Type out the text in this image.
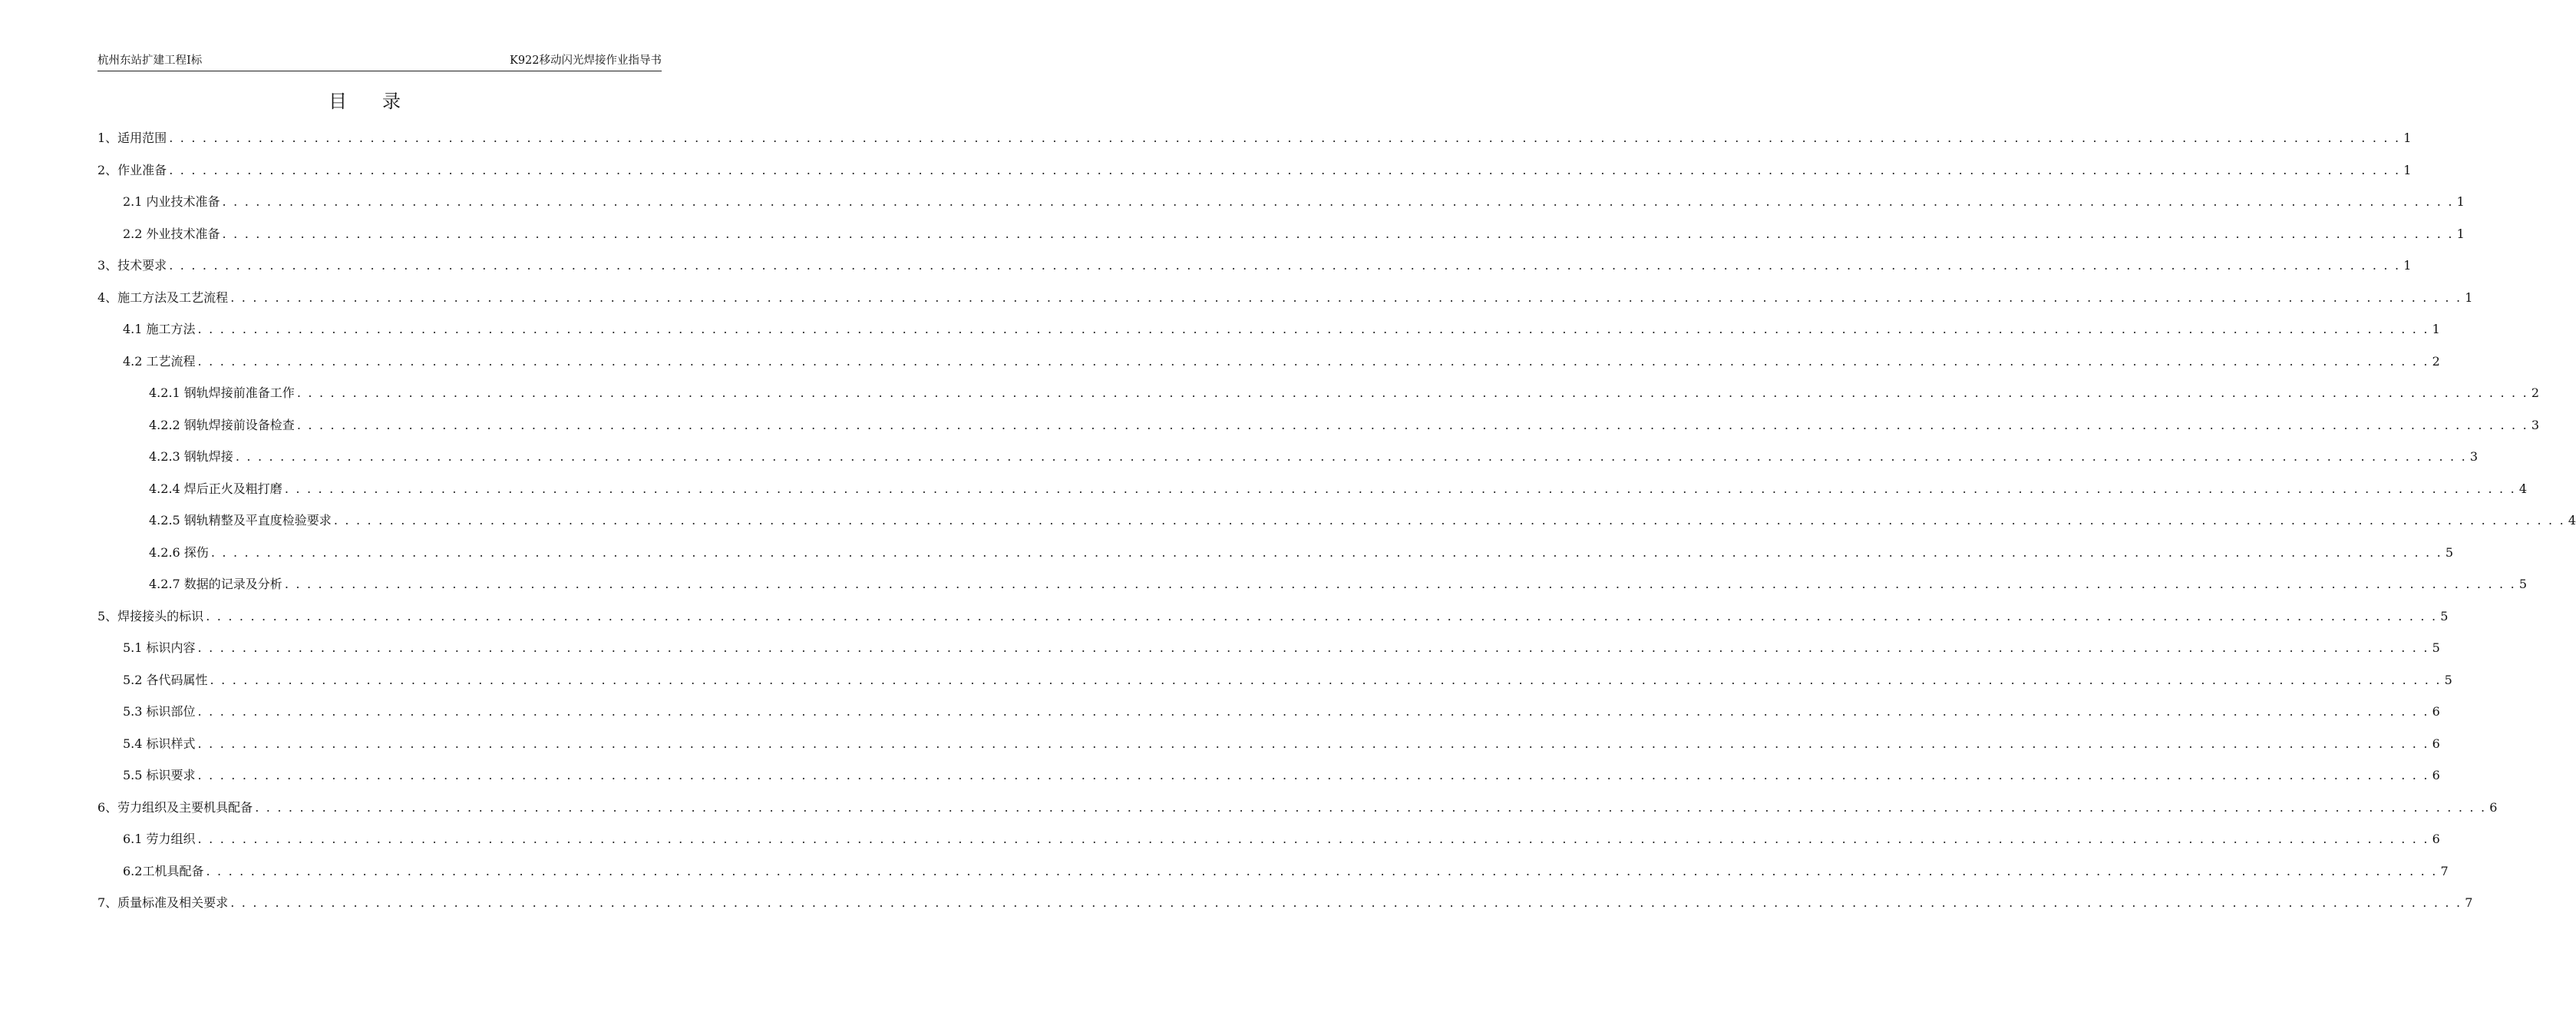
杭州东站扩建工程Ⅰ标	K922移动闪光焊接作业指导书
目录
1、适用范围 . . . . . . . . . . . . . . . . . . . . . . . . . . . . . . . . . . . . . . . . . . . . . . . . . . . . . . . . . . . . . . . . . . . . . . . . . . . . . . . . . . . . . . . . . . . . . . . . . . . . . . . . . . . . . . . . . . . . . . . . . . . . . . . . . . . . . . . . . . . . . . . . . . . . . . . . . . . . . . . . . . . . . . . . . . . . . . . . . . . . . . . . . . . . . . . . . . . . . . . . 1
2、作业准备 . . . . . . . . . . . . . . . . . . . . . . . . . . . . . . . . . . . . . . . . . . . . . . . . . . . . . . . . . . . . . . . . . . . . . . . . . . . . . . . . . . . . . . . . . . . . . . . . . . . . . . . . . . . . . . . . . . . . . . . . . . . . . . . . . . . . . . . . . . . . . . . . . . . . . . . . . . . . . . . . . . . . . . . . . . . . . . . . . . . . . . . . . . . . . . . . . . . . . . . . 1
2.1 内业技术准备 . . . . . . . . . . . . . . . . . . . . . . . . . . . . . . . . . . . . . . . . . . . . . . . . . . . . . . . . . . . . . . . . . . . . . . . . . . . . . . . . . . . . . . . . . . . . . . . . . . . . . . . . . . . . . . . . . . . . . . . . . . . . . . . . . . . . . . . . . . . . . . . . . . . . . . . . . . . . . . . . . . . . . . . . . . . . . . . . . . . . . . . . . . . . . . . . . . . . . . . . 1
2.2 外业技术准备 . . . . . . . . . . . . . . . . . . . . . . . . . . . . . . . . . . . . . . . . . . . . . . . . . . . . . . . . . . . . . . . . . . . . . . . . . . . . . . . . . . . . . . . . . . . . . . . . . . . . . . . . . . . . . . . . . . . . . . . . . . . . . . . . . . . . . . . . . . . . . . . . . . . . . . . . . . . . . . . . . . . . . . . . . . . . . . . . . . . . . . . . . . . . . . . . . . . . . . . . 1
3、技术要求 . . . . . . . . . . . . . . . . . . . . . . . . . . . . . . . . . . . . . . . . . . . . . . . . . . . . . . . . . . . . . . . . . . . . . . . . . . . . . . . . . . . . . . . . . . . . . . . . . . . . . . . . . . . . . . . . . . . . . . . . . . . . . . . . . . . . . . . . . . . . . . . . . . . . . . . . . . . . . . . . . . . . . . . . . . . . . . . . . . . . . . . . . . . . . . . . . . . . . . . . 1
4、施工方法及工艺流程 . . . . . . . . . . . . . . . . . . . . . . . . . . . . . . . . . . . . . . . . . . . . . . . . . . . . . . . . . . . . . . . . . . . . . . . . . . . . . . . . . . . . . . . . . . . . . . . . . . . . . . . . . . . . . . . . . . . . . . . . . . . . . . . . . . . . . . . . . . . . . . . . . . . . . . . . . . . . . . . . . . . . . . . . . . . . . . . . . . . . . . . . . . . . . . . . . . . . . . . . 1
4.1 施工方法 . . . . . . . . . . . . . . . . . . . . . . . . . . . . . . . . . . . . . . . . . . . . . . . . . . . . . . . . . . . . . . . . . . . . . . . . . . . . . . . . . . . . . . . . . . . . . . . . . . . . . . . . . . . . . . . . . . . . . . . . . . . . . . . . . . . . . . . . . . . . . . . . . . . . . . . . . . . . . . . . . . . . . . . . . . . . . . . . . . . . . . . . . . . . . . . . . . . . . . . . 1
4.2 工艺流程 . . . . . . . . . . . . . . . . . . . . . . . . . . . . . . . . . . . . . . . . . . . . . . . . . . . . . . . . . . . . . . . . . . . . . . . . . . . . . . . . . . . . . . . . . . . . . . . . . . . . . . . . . . . . . . . . . . . . . . . . . . . . . . . . . . . . . . . . . . . . . . . . . . . . . . . . . . . . . . . . . . . . . . . . . . . . . . . . . . . . . . . . . . . . . . . . . . . . . . . . 2
4.2.1 钢轨焊接前准备工作 . . . . . . . . . . . . . . . . . . . . . . . . . . . . . . . . . . . . . . . . . . . . . . . . . . . . . . . . . . . . . . . . . . . . . . . . . . . . . . . . . . . . . . . . . . . . . . . . . . . . . . . . . . . . . . . . . . . . . . . . . . . . . . . . . . . . . . . . . . . . . . . . . . . . . . . . . . . . . . . . . . . . . . . . . . . . . . . . . . . . . . . . . . . . . . . . . . . . . . . . 2
4.2.2 钢轨焊接前设备检查 . . . . . . . . . . . . . . . . . . . . . . . . . . . . . . . . . . . . . . . . . . . . . . . . . . . . . . . . . . . . . . . . . . . . . . . . . . . . . . . . . . . . . . . . . . . . . . . . . . . . . . . . . . . . . . . . . . . . . . . . . . . . . . . . . . . . . . . . . . . . . . . . . . . . . . . . . . . . . . . . . . . . . . . . . . . . . . . . . . . . . . . . . . . . . . . . . . . . . . . . 3
4.2.3 钢轨焊接 . . . . . . . . . . . . . . . . . . . . . . . . . . . . . . . . . . . . . . . . . . . . . . . . . . . . . . . . . . . . . . . . . . . . . . . . . . . . . . . . . . . . . . . . . . . . . . . . . . . . . . . . . . . . . . . . . . . . . . . . . . . . . . . . . . . . . . . . . . . . . . . . . . . . . . . . . . . . . . . . . . . . . . . . . . . . . . . . . . . . . . . . . . . . . . . . . . . . . . . . 3
4.2.4 焊后正火及粗打磨 . . . . . . . . . . . . . . . . . . . . . . . . . . . . . . . . . . . . . . . . . . . . . . . . . . . . . . . . . . . . . . . . . . . . . . . . . . . . . . . . . . . . . . . . . . . . . . . . . . . . . . . . . . . . . . . . . . . . . . . . . . . . . . . . . . . . . . . . . . . . . . . . . . . . . . . . . . . . . . . . . . . . . . . . . . . . . . . . . . . . . . . . . . . . . . . . . . . . . . . . 4
4.2.5 钢轨精整及平直度检验要求 . . . . . . . . . . . . . . . . . . . . . . . . . . . . . . . . . . . . . . . . . . . . . . . . . . . . . . . . . . . . . . . . . . . . . . . . . . . . . . . . . . . . . . . . . . . . . . . . . . . . . . . . . . . . . . . . . . . . . . . . . . . . . . . . . . . . . . . . . . . . . . . . . . . . . . . . . . . . . . . . . . . . . . . . . . . . . . . . . . . . . . . . . . . . . . . . . . . . . . . . 4
4.2.6 探伤 . . . . . . . . . . . . . . . . . . . . . . . . . . . . . . . . . . . . . . . . . . . . . . . . . . . . . . . . . . . . . . . . . . . . . . . . . . . . . . . . . . . . . . . . . . . . . . . . . . . . . . . . . . . . . . . . . . . . . . . . . . . . . . . . . . . . . . . . . . . . . . . . . . . . . . . . . . . . . . . . . . . . . . . . . . . . . . . . . . . . . . . . . . . . . . . . . . . . . . . . 5
4.2.7 数据的记录及分析 . . . . . . . . . . . . . . . . . . . . . . . . . . . . . . . . . . . . . . . . . . . . . . . . . . . . . . . . . . . . . . . . . . . . . . . . . . . . . . . . . . . . . . . . . . . . . . . . . . . . . . . . . . . . . . . . . . . . . . . . . . . . . . . . . . . . . . . . . . . . . . . . . . . . . . . . . . . . . . . . . . . . . . . . . . . . . . . . . . . . . . . . . . . . . . . . . . . . . . . . 5
5、焊接接头的标识 . . . . . . . . . . . . . . . . . . . . . . . . . . . . . . . . . . . . . . . . . . . . . . . . . . . . . . . . . . . . . . . . . . . . . . . . . . . . . . . . . . . . . . . . . . . . . . . . . . . . . . . . . . . . . . . . . . . . . . . . . . . . . . . . . . . . . . . . . . . . . . . . . . . . . . . . . . . . . . . . . . . . . . . . . . . . . . . . . . . . . . . . . . . . . . . . . . . . . . . . 5
5.1 标识内容 . . . . . . . . . . . . . . . . . . . . . . . . . . . . . . . . . . . . . . . . . . . . . . . . . . . . . . . . . . . . . . . . . . . . . . . . . . . . . . . . . . . . . . . . . . . . . . . . . . . . . . . . . . . . . . . . . . . . . . . . . . . . . . . . . . . . . . . . . . . . . . . . . . . . . . . . . . . . . . . . . . . . . . . . . . . . . . . . . . . . . . . . . . . . . . . . . . . . . . . . 5
5.2 各代码属性 . . . . . . . . . . . . . . . . . . . . . . . . . . . . . . . . . . . . . . . . . . . . . . . . . . . . . . . . . . . . . . . . . . . . . . . . . . . . . . . . . . . . . . . . . . . . . . . . . . . . . . . . . . . . . . . . . . . . . . . . . . . . . . . . . . . . . . . . . . . . . . . . . . . . . . . . . . . . . . . . . . . . . . . . . . . . . . . . . . . . . . . . . . . . . . . . . . . . . . . . 5
5.3 标识部位 . . . . . . . . . . . . . . . . . . . . . . . . . . . . . . . . . . . . . . . . . . . . . . . . . . . . . . . . . . . . . . . . . . . . . . . . . . . . . . . . . . . . . . . . . . . . . . . . . . . . . . . . . . . . . . . . . . . . . . . . . . . . . . . . . . . . . . . . . . . . . . . . . . . . . . . . . . . . . . . . . . . . . . . . . . . . . . . . . . . . . . . . . . . . . . . . . . . . . . . . 6
5.4 标识样式 . . . . . . . . . . . . . . . . . . . . . . . . . . . . . . . . . . . . . . . . . . . . . . . . . . . . . . . . . . . . . . . . . . . . . . . . . . . . . . . . . . . . . . . . . . . . . . . . . . . . . . . . . . . . . . . . . . . . . . . . . . . . . . . . . . . . . . . . . . . . . . . . . . . . . . . . . . . . . . . . . . . . . . . . . . . . . . . . . . . . . . . . . . . . . . . . . . . . . . . . 6
5.5 标识要求 . . . . . . . . . . . . . . . . . . . . . . . . . . . . . . . . . . . . . . . . . . . . . . . . . . . . . . . . . . . . . . . . . . . . . . . . . . . . . . . . . . . . . . . . . . . . . . . . . . . . . . . . . . . . . . . . . . . . . . . . . . . . . . . . . . . . . . . . . . . . . . . . . . . . . . . . . . . . . . . . . . . . . . . . . . . . . . . . . . . . . . . . . . . . . . . . . . . . . . . . 6
6、劳力组织及主要机具配备 . . . . . . . . . . . . . . . . . . . . . . . . . . . . . . . . . . . . . . . . . . . . . . . . . . . . . . . . . . . . . . . . . . . . . . . . . . . . . . . . . . . . . . . . . . . . . . . . . . . . . . . . . . . . . . . . . . . . . . . . . . . . . . . . . . . . . . . . . . . . . . . . . . . . . . . . . . . . . . . . . . . . . . . . . . . . . . . . . . . . . . . . . . . . . . . . . . . . . . . . 6
6.1 劳力组织 . . . . . . . . . . . . . . . . . . . . . . . . . . . . . . . . . . . . . . . . . . . . . . . . . . . . . . . . . . . . . . . . . . . . . . . . . . . . . . . . . . . . . . . . . . . . . . . . . . . . . . . . . . . . . . . . . . . . . . . . . . . . . . . . . . . . . . . . . . . . . . . . . . . . . . . . . . . . . . . . . . . . . . . . . . . . . . . . . . . . . . . . . . . . . . . . . . . . . . . . 6
6.2工机具配备 . . . . . . . . . . . . . . . . . . . . . . . . . . . . . . . . . . . . . . . . . . . . . . . . . . . . . . . . . . . . . . . . . . . . . . . . . . . . . . . . . . . . . . . . . . . . . . . . . . . . . . . . . . . . . . . . . . . . . . . . . . . . . . . . . . . . . . . . . . . . . . . . . . . . . . . . . . . . . . . . . . . . . . . . . . . . . . . . . . . . . . . . . . . . . . . . . . . . . . . . 7
7、质量标准及相关要求 . . . . . . . . . . . . . . . . . . . . . . . . . . . . . . . . . . . . . . . . . . . . . . . . . . . . . . . . . . . . . . . . . . . . . . . . . . . . . . . . . . . . . . . . . . . . . . . . . . . . . . . . . . . . . . . . . . . . . . . . . . . . . . . . . . . . . . . . . . . . . . . . . . . . . . . . . . . . . . . . . . . . . . . . . . . . . . . . . . . . . . . . . . . . . . . . . . . . . . . . 7
